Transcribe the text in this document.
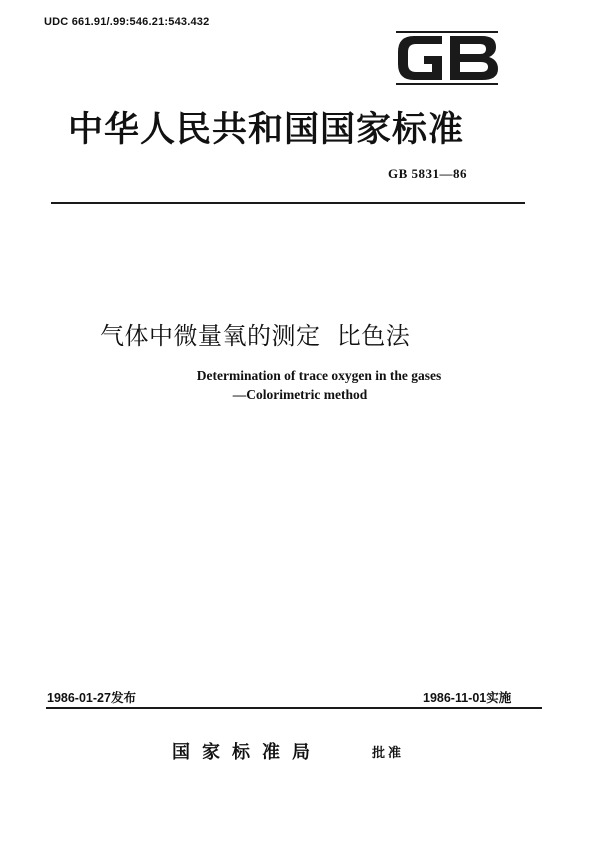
UDC 661.91/.99:546.21:543.432
中华人民共和国国家标准
GB 5831—86
气体中微量氧的测定  比色法
Determination of trace oxygen in the gases
—Colorimetric method
1986-01-27发布	1986-11-01实施
国家标准局	批准
